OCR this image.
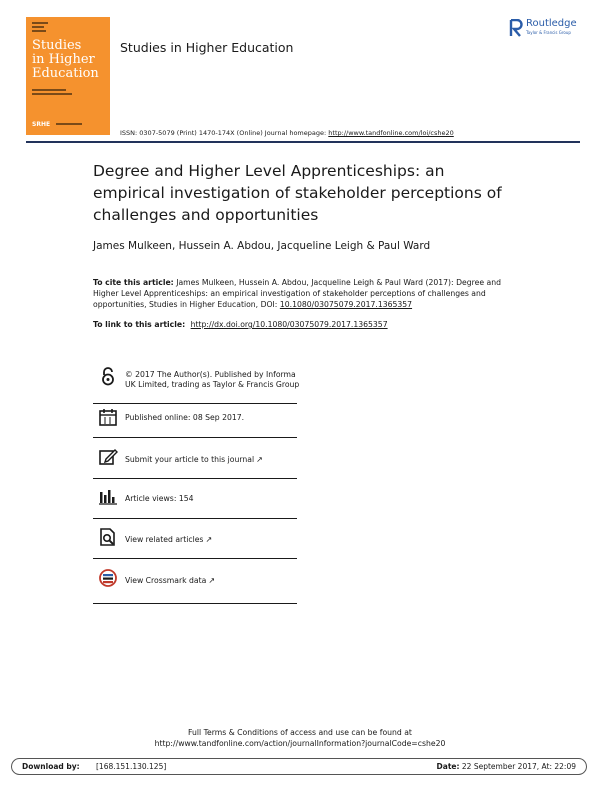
Studies
in Higher
Education
SRHE
Studies in Higher Education
Routledge
Taylor & Francis Group
ISSN: 0307-5079 (Print) 1470-174X (Online) Journal homepage: http://www.tandfonline.com/loi/cshe20
Degree and Higher Level Apprenticeships: an empirical investigation of stakeholder perceptions of challenges and opportunities
James Mulkeen, Hussein A. Abdou, Jacqueline Leigh & Paul Ward
To cite this article: James Mulkeen, Hussein A. Abdou, Jacqueline Leigh & Paul Ward (2017): Degree and Higher Level Apprenticeships: an empirical investigation of stakeholder perceptions of challenges and opportunities, Studies in Higher Education, DOI: 10.1080/03075079.2017.1365357
To link to this article: http://dx.doi.org/10.1080/03075079.2017.1365357
© 2017 The Author(s). Published by Informa UK Limited, trading as Taylor & Francis Group
Published online: 08 Sep 2017.
Submit your article to this journal ↗
Article views: 154
View related articles ↗
View Crossmark data ↗
Full Terms & Conditions of access and use can be found at
http://www.tandfonline.com/action/journalInformation?journalCode=cshe20
Download by: [168.151.130.125]	Date: 22 September 2017, At: 22:09
